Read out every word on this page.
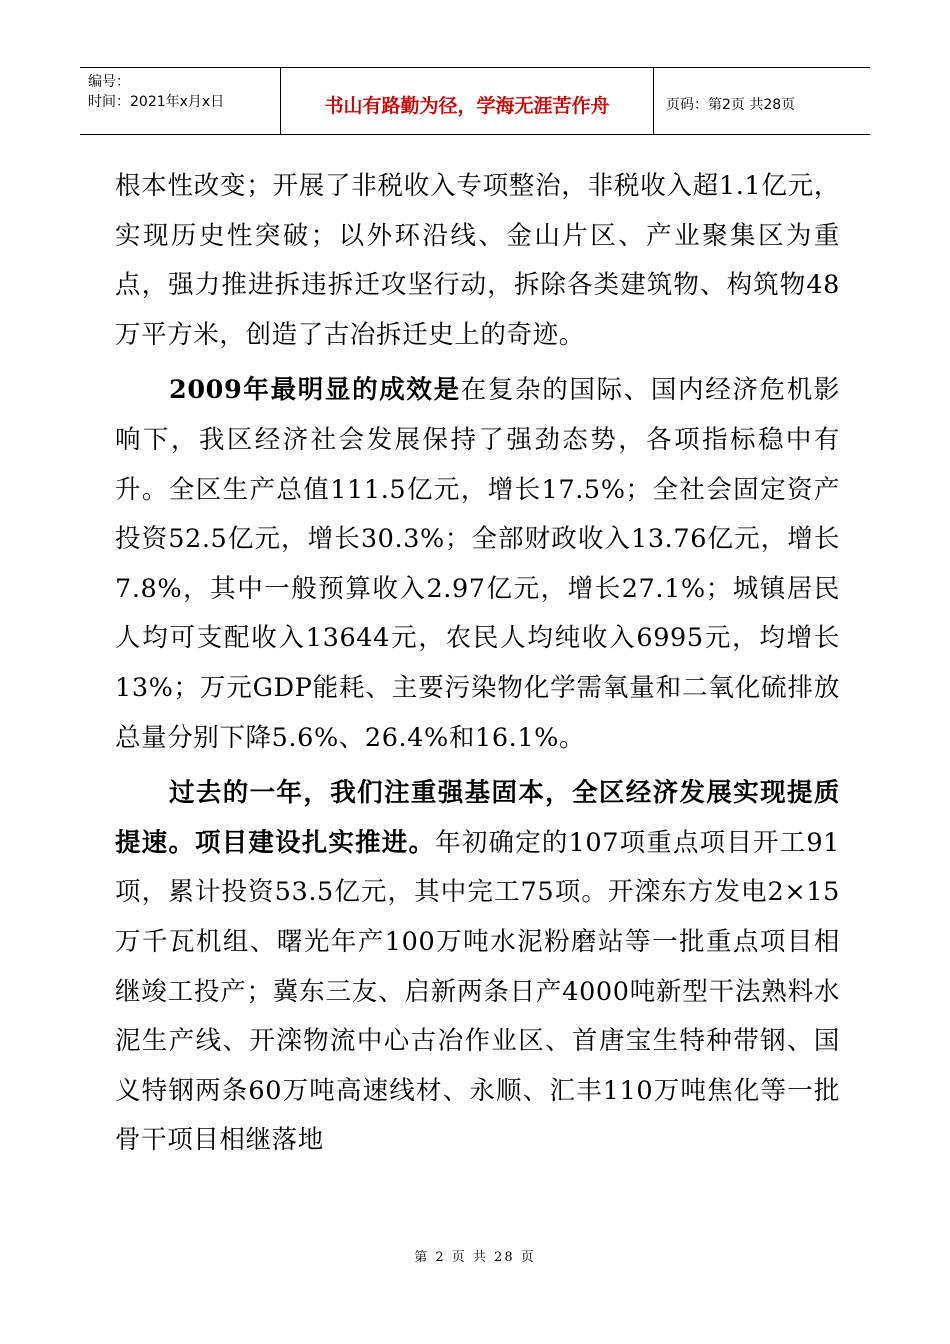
编号：
时间：2021年x月x日	书山有路勤为径，学海无涯苦作舟	页码：第2页 共28页

根本性改变；开展了非税收入专项整治，非税收入超1.1亿元，实现历史性突破；以外环沿线、金山片区、产业聚集区为重点，强力推进拆违拆迁攻坚行动，拆除各类建筑物、构筑物48万平方米，创造了古冶拆迁史上的奇迹。

2009年最明显的成效是在复杂的国际、国内经济危机影响下，我区经济社会发展保持了强劲态势，各项指标稳中有升。全区生产总值111.5亿元，增长17.5%；全社会固定资产投资52.5亿元，增长30.3%；全部财政收入13.76亿元，增长7.8%，其中一般预算收入2.97亿元，增长27.1%；城镇居民人均可支配收入13644元，农民人均纯收入6995元，均增长13%；万元GDP能耗、主要污染物化学需氧量和二氧化硫排放总量分别下降5.6%、26.4%和16.1%。

过去的一年，我们注重强基固本，全区经济发展实现提质提速。项目建设扎实推进。年初确定的107项重点项目开工91项，累计投资53.5亿元，其中完工75项。开滦东方发电2×15万千瓦机组、曙光年产100万吨水泥粉磨站等一批重点项目相继竣工投产；冀东三友、启新两条日产4000吨新型干法熟料水泥生产线、开滦物流中心古冶作业区、首唐宝生特种带钢、国义特钢两条60万吨高速线材、永顺、汇丰110万吨焦化等一批骨干项目相继落地

第 2 页 共 28 页
